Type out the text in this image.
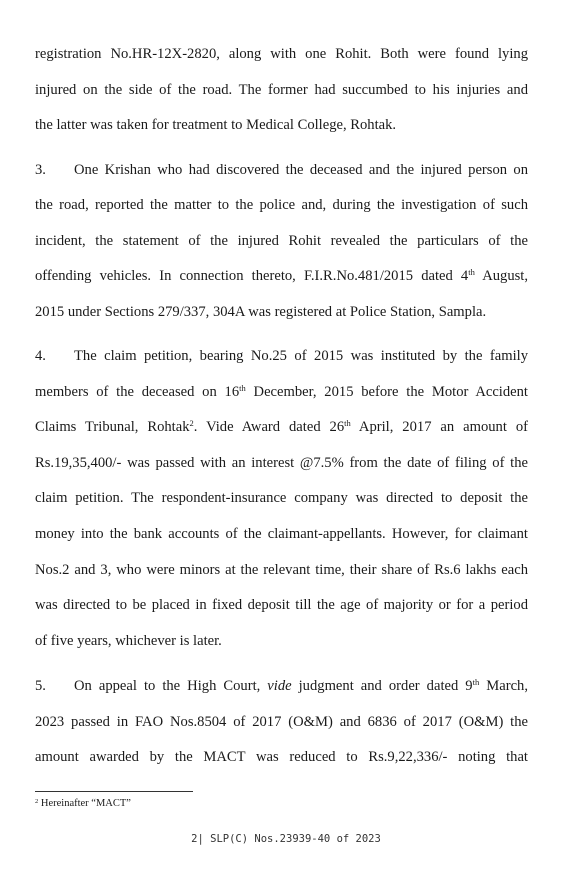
registration No.HR-12X-2820, along with one Rohit. Both were found lying
injured on the side of the road. The former had succumbed to his injuries and
the latter was taken for treatment to Medical College, Rohtak.
3. One Krishan who had discovered the deceased and the injured person on
the road, reported the matter to the police and, during the investigation of such
incident, the statement of the injured Rohit revealed the particulars of the
offending vehicles. In connection thereto, F.I.R.No.481/2015 dated 4th August,
2015 under Sections 279/337, 304A was registered at Police Station, Sampla.
4. The claim petition, bearing No.25 of 2015 was instituted by the family
members of the deceased on 16th December, 2015 before the Motor Accident
Claims Tribunal, Rohtak$^2$. Vide Award dated 26th April, 2017 an amount of
Rs.19,35,400/- was passed with an interest @7.5% from the date of filing of the
claim petition. The respondent-insurance company was directed to deposit the
money into the bank accounts of the claimant-appellants. However, for claimant
Nos.2 and 3, who were minors at the relevant time, their share of Rs.6 lakhs each
was directed to be placed in fixed deposit till the age of majority or for a period
of five years, whichever is later.
5. On appeal to the High Court, vide judgment and order dated 9th March,
2023 passed in FAO Nos.8504 of 2017 (O&M) and 6836 of 2017 (O&M) the
amount awarded by the MACT was reduced to Rs.9,22,336/- noting that
$^2$ Hereinafter “MACT”
2| SLP(C) Nos.23939-40 of 2023
